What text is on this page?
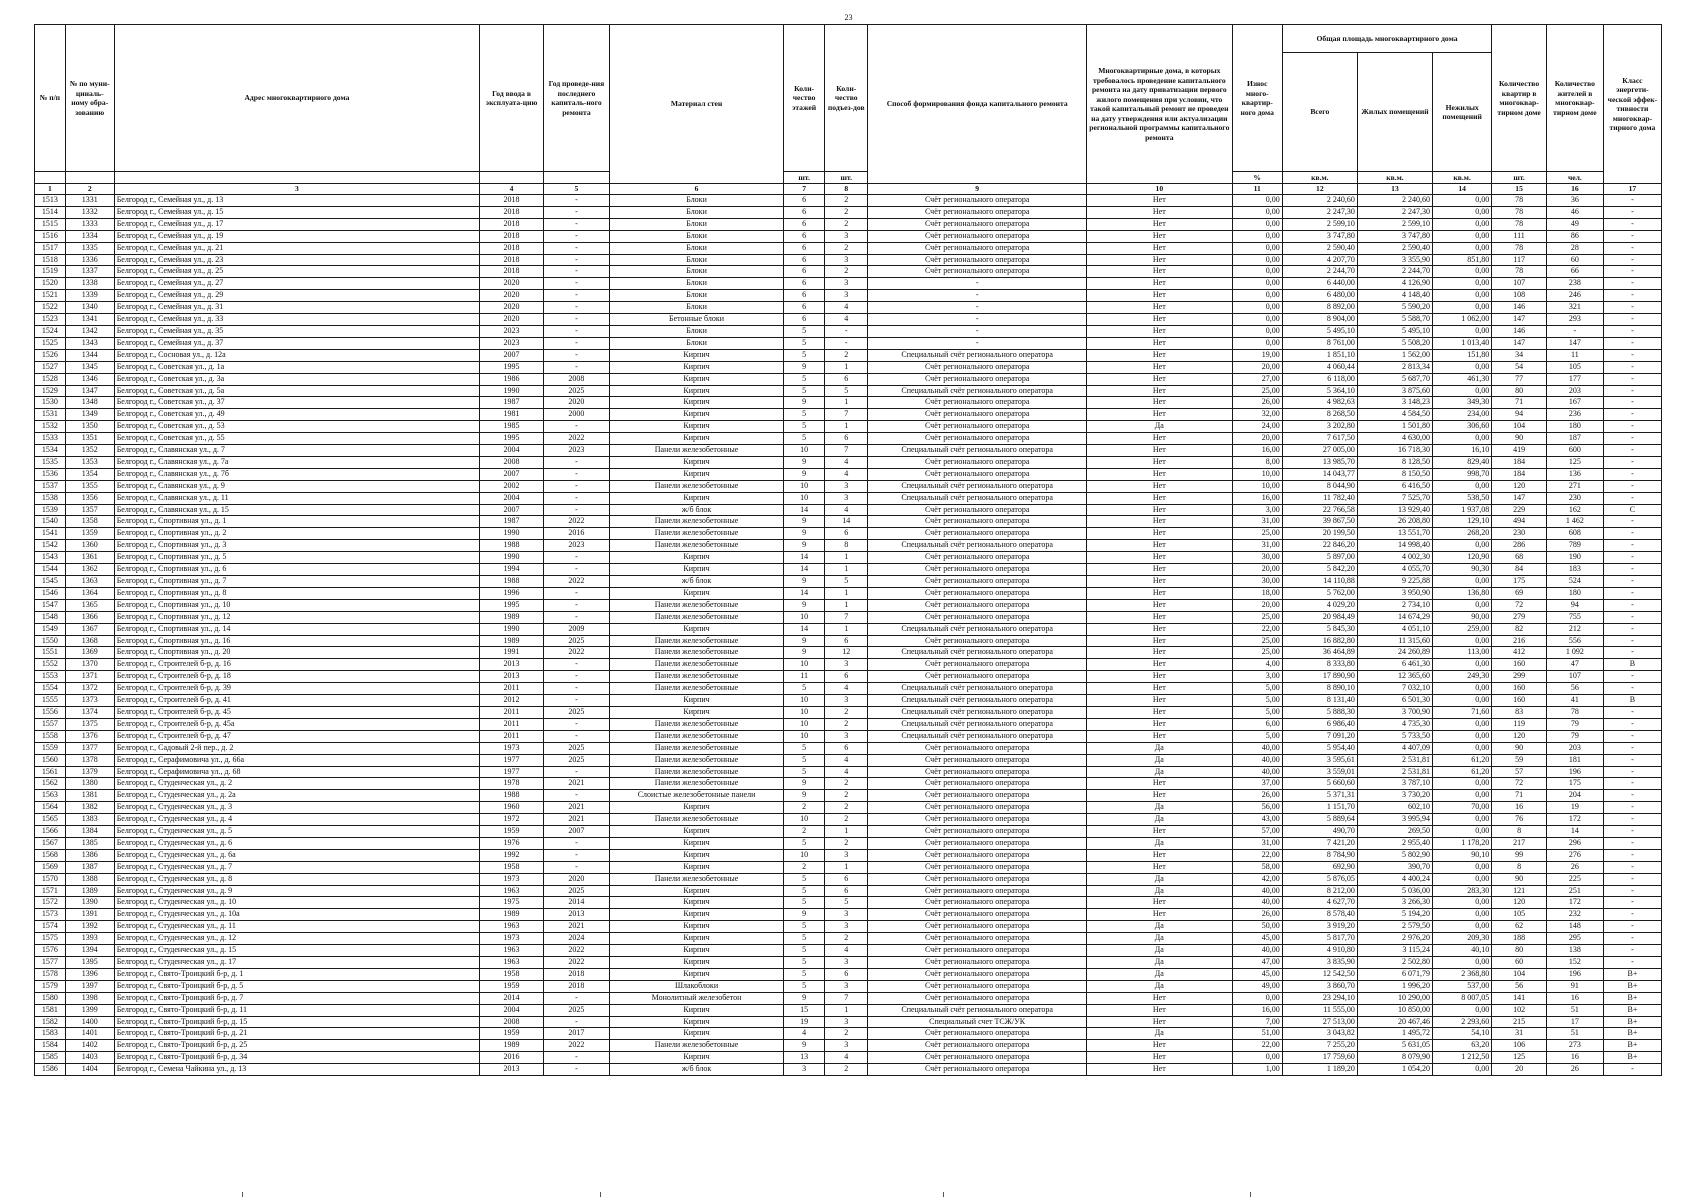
23
№ п/п	№ по муни-циналь-ному обра-зованию	Адрес многоквартирного дома	Год ввода в эксплуата-цию	Год проведе-ния последнего капиталь-ного ремонта	Материал стен	Коли-чество этажей	Коли-чество подъез-дов	Способ формирования фонда капитального ремонта	Многоквартирные дома, в которых требовалось проведение капитального ремонта на дату приватизации первого жилого помещения при условии, что такой капитальный ремонт не проведен на дату утверждения или актуализации региональной программы капитального ремонта	Износ много-квартир-ного дома	Общая площадь многоквартирного дома			Количество квартир в многоквар-тирном доме	Количество жителей в многоквар-тирном доме	Класс энергети-ческой эффек-тивности многоквар-тирного дома
											Всего	Жилых помещений	Нежилых помещений			
						шт.	шт.			%	кв.м.	кв.м.	кв.м.	шт.	чел.	
1	2	3	4	5	6	7	8	9	10	11	12	13	14	15	16	17
1513	1331	Белгород г., Семейная ул., д. 13	2018	-	Блоки	6	2	Счёт регионального оператора	Нет	0,00	2 240,60	2 240,60	0,00	78	36	-
1514	1332	Белгород г., Семейная ул., д. 15	2018	-	Блоки	6	2	Счёт регионального оператора	Нет	0,00	2 247,30	2 247,30	0,00	78	46	-
1515	1333	Белгород г., Семейная ул., д. 17	2018	-	Блоки	6	2	Счёт регионального оператора	Нет	0,00	2 599,10	2 599,10	0,00	78	49	-
1516	1334	Белгород г., Семейная ул., д. 19	2018	-	Блоки	6	3	Счёт регионального оператора	Нет	0,00	3 747,80	3 747,80	0,00	111	86	-
1517	1335	Белгород г., Семейная ул., д. 21	2018	-	Блоки	6	2	Счёт регионального оператора	Нет	0,00	2 590,40	2 590,40	0,00	78	28	-
1518	1336	Белгород г., Семейная ул., д. 23	2018	-	Блоки	6	3	Счёт регионального оператора	Нет	0,00	4 207,70	3 355,90	851,80	117	60	-
1519	1337	Белгород г., Семейная ул., д. 25	2018	-	Блоки	6	2	Счёт регионального оператора	Нет	0,00	2 244,70	2 244,70	0,00	78	66	-
1520	1338	Белгород г., Семейная ул., д. 27	2020	-	Блоки	6	3	-	Нет	0,00	6 440,00	4 126,90	0,00	107	238	-
1521	1339	Белгород г., Семейная ул., д. 29	2020	-	Блоки	6	3	-	Нет	0,00	6 480,00	4 148,40	0,00	108	246	-
1522	1340	Белгород г., Семейная ул., д. 31	2020	-	Блоки	6	4	-	Нет	0,00	8 892,00	5 590,20	0,00	146	321	-
1523	1341	Белгород г., Семейная ул., д. 33	2020	-	Бетонные блоки	6	4	-	Нет	0,00	8 904,00	5 588,70	1 062,00	147	293	-
1524	1342	Белгород г., Семейная ул., д. 35	2023	-	Блоки	5	-	-	Нет	0,00	5 495,10	5 495,10	0,00	146	-	-
1525	1343	Белгород г., Семейная ул., д. 37	2023	-	Блоки	5	-	-	Нет	0,00	8 761,00	5 508,20	1 013,40	147	147	-
1526	1344	Белгород г., Сосновая ул., д. 12а	2007	-	Кирпич	5	2	Специальный счёт регионального оператора	Нет	19,00	1 851,10	1 562,00	151,80	34	11	-
1527	1345	Белгород г., Советская ул., д. 1а	1995	-	Кирпич	9	1	Счёт регионального оператора	Нет	20,00	4 060,44	2 813,34	0,00	54	105	-
1528	1346	Белгород г., Советская ул., д. 3а	1986	2008	Кирпич	5	6	Счёт регионального оператора	Нет	27,00	6 118,00	5 687,70	461,30	77	177	-
1529	1347	Белгород г., Советская ул., д. 5а	1990	2025	Кирпич	5	5	Специальный счёт регионального оператора	Нет	25,00	5 364,10	3 875,60	0,00	80	203	-
1530	1348	Белгород г., Советская ул., д. 37	1987	2020	Кирпич	9	1	Счёт регионального оператора	Нет	26,00	4 982,63	3 148,23	349,30	71	167	-
1531	1349	Белгород г., Советская ул., д. 49	1981	2000	Кирпич	5	7	Счёт регионального оператора	Нет	32,00	8 268,50	4 584,50	234,00	94	236	-
1532	1350	Белгород г., Советская ул., д. 53	1985	-	Кирпич	5	1	Счёт регионального оператора	Да	24,00	3 202,80	1 501,80	306,60	104	180	-
1533	1351	Белгород г., Советская ул., д. 55	1995	2022	Кирпич	5	6	Счёт регионального оператора	Нет	20,00	7 617,50	4 630,00	0,00	90	187	-
1534	1352	Белгород г., Славянская ул., д. 7	2004	2023	Панели железобетонные	10	7	Специальный счёт регионального оператора	Нет	16,00	27 005,00	16 718,30	16,10	419	600	-
1535	1353	Белгород г., Славянская ул., д. 7а	2008	-	Кирпич	9	4	Счёт регионального оператора	Нет	8,00	13 985,70	8 128,50	829,40	184	125	-
1536	1354	Белгород г., Славянская ул., д. 7б	2007	-	Кирпич	9	4	Счёт регионального оператора	Нет	10,00	14 043,77	8 150,50	998,70	184	136	-
1537	1355	Белгород г., Славянская ул., д. 9	2002	-	Панели железобетонные	10	3	Специальный счёт регионального оператора	Нет	10,00	8 044,90	6 416,50	0,00	120	271	-
1538	1356	Белгород г., Славянская ул., д. 11	2004	-	Кирпич	10	3	Специальный счёт регионального оператора	Нет	16,00	11 782,40	7 525,70	538,50	147	230	-
1539	1357	Белгород г., Славянская ул., д. 15	2007	-	ж/б блок	14	4	Счёт регионального оператора	Нет	3,00	22 766,58	13 929,40	1 937,08	229	162	С
1540	1358	Белгород г., Спортивная ул., д. 1	1987	2022	Панели железобетонные	9	14	Счёт регионального оператора	Нет	31,00	39 867,50	26 208,80	129,10	494	1 462	-
1541	1359	Белгород г., Спортивная ул., д. 2	1990	2016	Панели железобетонные	9	6	Счёт регионального оператора	Нет	25,00	20 199,50	13 551,70	268,20	230	608	-
1542	1360	Белгород г., Спортивная ул., д. 3	1988	2023	Панели железобетонные	9	8	Специальный счёт регионального оператора	Нет	31,00	22 846,20	14 998,40	0,00	286	789	-
1543	1361	Белгород г., Спортивная ул., д. 5	1990	-	Кирпич	14	1	Счёт регионального оператора	Нет	30,00	5 897,00	4 002,30	120,90	68	190	-
1544	1362	Белгород г., Спортивная ул., д. 6	1994	-	Кирпич	14	1	Счёт регионального оператора	Нет	20,00	5 842,20	4 055,70	90,30	84	183	-
1545	1363	Белгород г., Спортивная ул., д. 7	1988	2022	ж/б блок	9	5	Счёт регионального оператора	Нет	30,00	14 110,88	9 225,88	0,00	175	524	-
1546	1364	Белгород г., Спортивная ул., д. 8	1996	-	Кирпич	14	1	Счёт регионального оператора	Нет	18,00	5 762,00	3 950,90	136,80	69	180	-
1547	1365	Белгород г., Спортивная ул., д. 10	1995	-	Панели железобетонные	9	1	Счёт регионального оператора	Нет	20,00	4 029,20	2 734,10	0,00	72	94	-
1548	1366	Белгород г., Спортивная ул., д. 12	1989	-	Панели железобетонные	10	7	Счёт регионального оператора	Нет	25,00	20 984,49	14 674,29	90,00	279	755	-
1549	1367	Белгород г., Спортивная ул., д. 14	1990	2009	Кирпич	14	1	Специальный счёт регионального оператора	Нет	22,00	5 845,30	4 051,10	259,00	82	212	-
1550	1368	Белгород г., Спортивная ул., д. 16	1989	2025	Панели железобетонные	9	6	Счёт регионального оператора	Нет	25,00	16 882,80	11 315,60	0,00	216	556	-
1551	1369	Белгород г., Спортивная ул., д. 20	1991	2022	Панели железобетонные	9	12	Специальный счёт регионального оператора	Нет	25,00	36 464,89	24 260,89	113,00	412	1 092	-
1552	1370	Белгород г., Строителей б-р, д. 16	2013	-	Панели железобетонные	10	3	Счёт регионального оператора	Нет	4,00	8 333,80	6 461,30	0,00	160	47	В
1553	1371	Белгород г., Строителей б-р, д. 18	2013	-	Панели железобетонные	11	6	Счёт регионального оператора	Нет	3,00	17 890,90	12 365,60	249,30	299	107	-
1554	1372	Белгород г., Строителей б-р, д. 39	2011	-	Панели железобетонные	5	4	Специальный счёт регионального оператора	Нет	5,00	8 890,10	7 032,10	0,00	160	56	-
1555	1373	Белгород г., Строителей б-р, д. 41	2012	-	Кирпич	10	3	Специальный счёт регионального оператора	Нет	5,00	8 131,40	6 501,30	0,00	160	41	В
1556	1374	Белгород г., Строителей б-р, д. 45	2011	2025	Кирпич	10	2	Специальный счёт регионального оператора	Нет	5,00	5 888,30	3 700,90	71,60	83	78	-
1557	1375	Белгород г., Строителей б-р, д. 45а	2011	-	Панели железобетонные	10	2	Специальный счёт регионального оператора	Нет	6,00	6 986,40	4 735,30	0,00	119	79	-
1558	1376	Белгород г., Строителей б-р, д. 47	2011	-	Панели железобетонные	10	3	Специальный счёт регионального оператора	Нет	5,00	7 091,20	5 733,50	0,00	120	79	-
1559	1377	Белгород г., Садовый 2-й пер., д. 2	1973	2025	Панели железобетонные	5	6	Счёт регионального оператора	Да	40,00	5 954,40	4 407,09	0,00	90	203	-
1560	1378	Белгород г., Серафимовича ул., д. 66а	1977	2025	Панели железобетонные	5	4	Счёт регионального оператора	Да	40,00	3 595,61	2 531,81	61,20	59	181	-
1561	1379	Белгород г., Серафимовича ул., д. 68	1977	-	Панели железобетонные	5	4	Счёт регионального оператора	Да	40,00	3 559,01	2 531,81	61,20	57	196	-
1562	1380	Белгород г., Студенческая ул., д. 2	1978	2021	Панели железобетонные	9	2	Счёт регионального оператора	Нет	37,00	5 660,60	3 787,10	0,00	72	175	-
1563	1381	Белгород г., Студенческая ул., д. 2а	1988	-	Слоистые железобетонные панели	9	2	Счёт регионального оператора	Нет	26,00	5 371,31	3 730,20	0,00	71	204	-
1564	1382	Белгород г., Студенческая ул., д. 3	1960	2021	Кирпич	2	2	Счёт регионального оператора	Да	56,00	1 151,70	602,10	70,00	16	19	-
1565	1383	Белгород г., Студенческая ул., д. 4	1972	2021	Панели железобетонные	10	2	Счёт регионального оператора	Да	43,00	5 889,64	3 995,94	0,00	76	172	-
1566	1384	Белгород г., Студенческая ул., д. 5	1959	2007	Кирпич	2	1	Счёт регионального оператора	Нет	57,00	490,70	269,50	0,00	8	14	-
1567	1385	Белгород г., Студенческая ул., д. 6	1976	-	Кирпич	5	2	Счёт регионального оператора	Да	31,00	7 421,20	2 955,40	1 178,20	217	296	-
1568	1386	Белгород г., Студенческая ул., д. 6а	1992	-	Кирпич	10	3	Счёт регионального оператора	Нет	22,00	8 784,90	5 802,90	90,10	99	276	-
1569	1387	Белгород г., Студенческая ул., д. 7	1958	-	Кирпич	2	1	Счёт регионального оператора	Нет	58,00	692,90	390,70	0,00	8	26	-
1570	1388	Белгород г., Студенческая ул., д. 8	1973	2020	Панели железобетонные	5	6	Счёт регионального оператора	Да	42,00	5 876,05	4 400,24	0,00	90	225	-
1571	1389	Белгород г., Студенческая ул., д. 9	1963	2025	Кирпич	5	6	Счёт регионального оператора	Да	40,00	8 212,00	5 036,00	283,30	121	251	-
1572	1390	Белгород г., Студенческая ул., д. 10	1975	2014	Кирпич	5	5	Счёт регионального оператора	Нет	40,00	4 627,70	3 266,30	0,00	120	172	-
1573	1391	Белгород г., Студенческая ул., д. 10а	1989	2013	Кирпич	9	3	Счёт регионального оператора	Нет	26,00	8 578,40	5 194,20	0,00	105	232	-
1574	1392	Белгород г., Студенческая ул., д. 11	1963	2021	Кирпич	5	3	Счёт регионального оператора	Да	50,00	3 919,20	2 579,50	0,00	62	148	-
1575	1393	Белгород г., Студенческая ул., д. 12	1973	2024	Кирпич	5	2	Счёт регионального оператора	Да	45,00	5 817,70	2 976,20	209,30	188	295	-
1576	1394	Белгород г., Студенческая ул., д. 15	1963	2022	Кирпич	5	4	Счёт регионального оператора	Да	40,00	4 910,80	3 115,24	40,10	80	138	-
1577	1395	Белгород г., Студенческая ул., д. 17	1963	2022	Кирпич	5	3	Счёт регионального оператора	Да	47,00	3 835,90	2 502,80	0,00	60	152	-
1578	1396	Белгород г., Свято-Троицкий б-р, д. 1	1958	2018	Кирпич	5	6	Счёт регионального оператора	Да	45,00	12 542,50	6 071,79	2 368,80	104	196	В+
1579	1397	Белгород г., Свято-Троицкий б-р, д. 5	1959	2018	Шлакоблоки	5	3	Счёт регионального оператора	Да	49,00	3 860,70	1 996,20	537,00	56	91	В+
1580	1398	Белгород г., Свято-Троицкий б-р, д. 7	2014	-	Монолитный железобетон	9	7	Счёт регионального оператора	Нет	0,00	23 294,10	10 290,00	8 007,05	141	16	В+
1581	1399	Белгород г., Свято-Троицкий б-р, д. 11	2004	2025	Кирпич	15	1	Специальный счёт регионального оператора	Нет	16,00	11 555,00	10 850,00	0,00	102	51	В+
1582	1400	Белгород г., Свято-Троицкий б-р, д. 15	2008	-	Кирпич	19	3	Специальный счет ТСЖ/УК	Нет	7,00	27 513,00	20 467,46	2 293,60	215	17	В+
1583	1401	Белгород г., Свято-Троицкий б-р, д. 21	1959	2017	Кирпич	4	2	Счёт регионального оператора	Да	51,00	3 043,82	1 495,72	54,10	31	51	В+
1584	1402	Белгород г., Свято-Троицкий б-р, д. 25	1989	2022	Панели железобетонные	9	3	Счёт регионального оператора	Нет	22,00	7 255,20	5 631,05	63,20	106	273	В+
1585	1403	Белгород г., Свято-Троицкий б-р, д. 34	2016	-	Кирпич	13	4	Счёт регионального оператора	Нет	0,00	17 759,60	8 079,90	1 212,50	125	16	В+
1586	1404	Белгород г., Семена Чайкина ул., д. 13	2013	-	ж/б блок	3	2	Счёт регионального оператора	Нет	1,00	1 189,20	1 054,20	0,00	20	26	-
